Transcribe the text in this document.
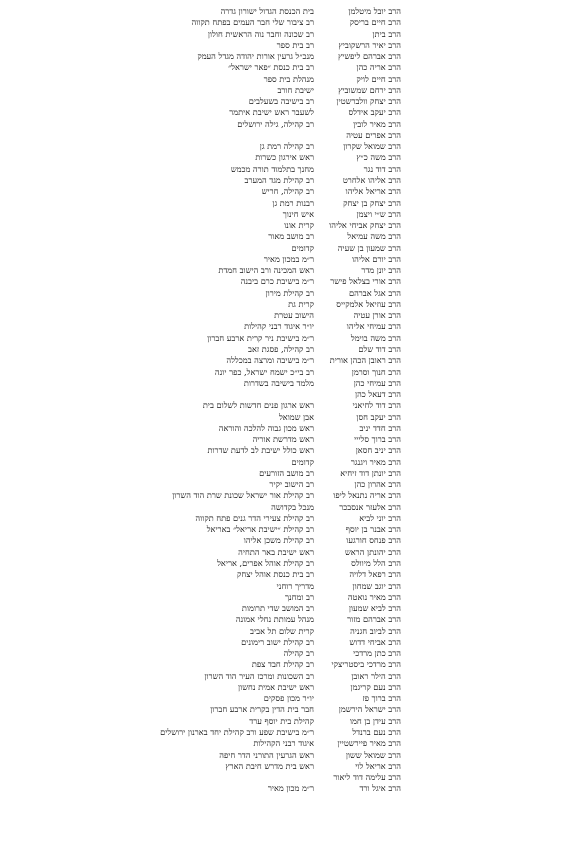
הרב יובל מיטלמן
בית הכנסת הגדול ישורון גדרה
הרב חיים בריסק
רב ציבור שלי חבר העמים בפתח תקווה
הרב ביתן
רב שכונה וחבר נוה הראשית חולון
הרב יאיר הרשקוביץ
רב בית ספר
הרב אברהם ליפשיץ
מנכ״ל גרעין אורות יהודה מגדל העמק
הרב אריה כהן
רב בית כנסת ״פאר ישראל״
הרב חיים לויק
מנהלת בית ספר
הרב ירחם שמשוביץ
ישיבת חורב
הרב יצחק וולברשטין
רב בישיבה בשעלבים
הרב יעקב אידלס
לשעבר ראש ישיבת איתמר
הרב מאיר לובין
רב קהילה, גילה ירושלים
הרב אפרים עטיה
הרב שמואל שקרון
רב קהילה רמת גן
הרב משה כ״ץ
ראש אירגון כשרות
הרב דוד נגר
מחנך בתלמוד תורה מכמש
הרב אליהו אלחרט
רב קהילת מגד המערב
הרב אריאל אליהו
רב קהילה, חריש
הרב יצחק בן יצחק
רבנות רמת גן
הרב ש״י ויצמן
איש חינוך
הרב יצחק אביחי אליהו
קרית אונו
הרב משה עמיאל
רב מושב מאור
הרב שמעון בן שעיה
קדומים
הרב יורם אליהו
ר״מ במכון מאיר
הרב יונן מדר
ראש המכינה ורב הישוב חמדת
הרב אורי בצלאל פישר
ר״מ בישיבת כרם ביבנה
הרב אגל אברהם
רב קהילת מירון
הרב עוזיאל אלמקייס
קרית גת
הרב אורן עטיה
הישוב עטרת
הרב עמיחי אליהו
יו״ר איגוד רבני קהילות
הרב משה בוימל
ר״מ בישיבת ניר קרית ארבע חברון
הרב דוד שלם
רב קהילה, פסגת זאב
הרב ראובן הכהן אורית
ר״מ בישיבה ומרצה במכללה
הרב חנוך וסרמן
רב בי״כ ישמח ישראל, כפר יונה
הרב עמיחי כהן
מלמד בישיבה בשדרות
הרב דעאל כהן
הרב דוד לחיאני
ראש ארגון פנים חדשות לשלום בית
הרב יעקב חסן
אבן שמואל
הרב חדד יניב
ראש מכון גבוה להלכה והוראה
הרב ברוך סלייי
ראש מדרשת אוריה
הרב יניב חסאן
ראש כולל ישיבת לב לדעת שדרות
הרב מאיר ויגנגר
קדומים
הרב יונתן דוד זיחיא
רב מושב הזורעים
הרב אהרון כהן
רב הישוב יקיר
הרב אריה נתנאל ליפו
רב קהילת אור ישראל שכונת שרת הוד השרון
הרב אלעזר אנסבכר
מנכל בקדושה
הרב יוני לביא
רב קהילת צעירי הדר גנים פתח תקווה
הרב אבנר בן יוסף
רב קהילת ״ישיבת אריאל״ באריאל
הרב פנחס חורגעו
רב קהילת משכן אליהו
הרב יהונתן הראש
ראש ישיבת באר התחיה
הרב הלל מיוולס
רב קהילת אוהל אפרים, אריאל
הרב רפאל דלויה
רב בית כנסת אוהל יצחק
הרב יוגב שמחון
מדריך רוחני
הרב מאיר נואטה
רב ומחנך
הרב לביא שמעון
רב המושב שדי תרומות
הרב אברהם מזור
מנהל עמותת נחלי אמונה
הרב לביוב חגניה
קרית שלום תל אביב
הרב אביחי דדוש
רב קהילת ישוב רימונים
הרב כתן מרדכי
רב קהילה
הרב מרדכי ביסטריצקי
רב קהילת חבד צפת
הרב הילר ראובן
רב השכונות ומרכז העיר הוד השרון
הרב נעם קריגמן
ראש ישיבת אמית נחשון
הרב ברוך פז
יו״ר מכון פסקים
הרב ישראל הירשמן
חבר בית הדין בקרית ארבע חברון
הרב עידן בן חמו
קהילת בית יוסף ערד
הרב נעם ברנדל
ר״מ בישיבת שפע ורב קהילת יחד בארנון ירושלים
הרב מאיר פיירשטיין
איגוד רבני הקהילות
הרב שמואל ששון
ראש הגרעין התורני הדר חיפה
הרב אריאל לוי
ראש בית מדרש חיבת הארץ
הרב עלימה דוד ליאור
הרב איגל ורד
ר״מ מכון מאיר
